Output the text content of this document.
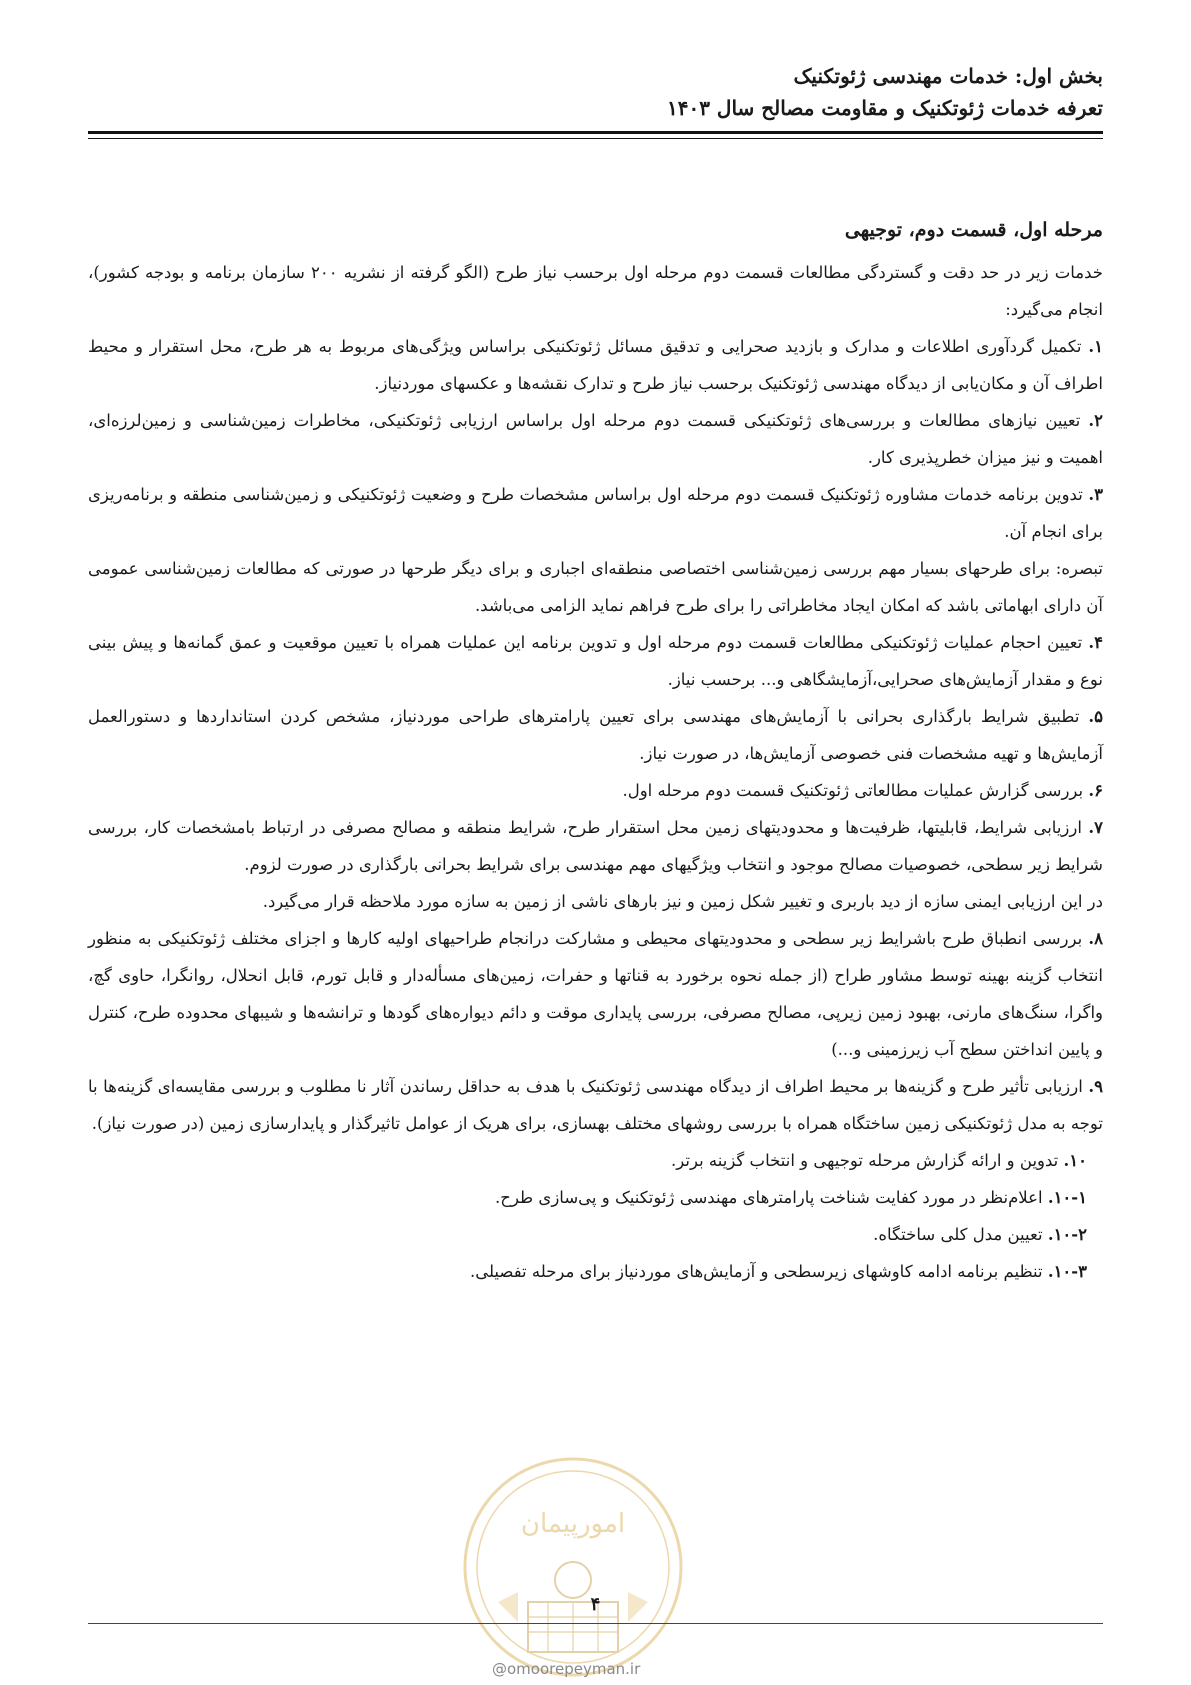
بخش اول: خدمات مهندسی ژئوتکنیک
تعرفه خدمات ژئوتکنیک و مقاومت مصالح سال ۱۴۰۳
مرحله اول، قسمت دوم، توجیهی

خدمات زیر در حد دقت و گستردگی مطالعات قسمت دوم مرحله اول برحسب نیاز طرح (الگو گرفته از نشریه ۲۰۰ سازمان برنامه و بودجه کشور)، انجام می‌گیرد:

۱. تکمیل گردآوری اطلاعات و مدارک و بازدید صحرایی و تدقیق مسائل ژئوتکنیکی براساس ویژگی‌های مربوط به هر طرح، محل استقرار و محیط اطراف آن و مکان‌یابی از دیدگاه مهندسی ژئوتکنیک برحسب نیاز طرح و تدارک نقشه‌ها و عکسهای موردنیاز.

۲. تعیین نیازهای مطالعات و بررسی‌های ژئوتکنیکی قسمت دوم مرحله اول براساس ارزیابی ژئوتکنیکی، مخاطرات زمین‌شناسی و زمین‌لرزه‌ای، اهمیت و نیز میزان خطرپذیری کار.

۳. تدوین برنامه خدمات مشاوره ژئوتکنیک قسمت دوم مرحله اول براساس مشخصات طرح و وضعیت ژئوتکنیکی و زمین‌شناسی منطقه و برنامه‌ریزی برای انجام آن.

تبصره: برای طرحهای بسیار مهم بررسی زمین‌شناسی اختصاصی منطقه‌ای اجباری و برای دیگر طرحها در صورتی که مطالعات زمین‌شناسی عمومی آن دارای ابهاماتی باشد که امکان ایجاد مخاطراتی را برای طرح فراهم نماید الزامی می‌باشد.

۴. تعیین احجام عملیات ژئوتکنیکی مطالعات قسمت دوم مرحله اول و تدوین برنامه این عملیات همراه با تعیین موقعیت و عمق گمانه‌ها و پیش بینی نوع و مقدار آزمایش‌های صحرایی،آزمایشگاهی و... برحسب نیاز.

۵. تطبیق شرایط بارگذاری بحرانی با آزمایش‌های مهندسی برای تعیین پارامترهای طراحی موردنیاز، مشخص کردن استانداردها و دستورالعمل آزمایش‌ها و تهیه مشخصات فنی خصوصی آزمایش‌ها، در صورت نیاز.

۶. بررسی گزارش عملیات مطالعاتی ژئوتکنیک قسمت دوم مرحله اول.

۷. ارزیابی شرایط، قابلیتها، ظرفیت‌ها و محدودیتهای زمین محل استقرار طرح، شرایط منطقه و مصالح مصرفی در ارتباط بامشخصات کار، بررسی شرایط زیر سطحی، خصوصیات مصالح موجود و انتخاب ویژگیهای مهم مهندسی برای شرایط بحرانی بارگذاری در صورت لزوم.

در این ارزیابی ایمنی سازه از دید باربری و تغییر شکل زمین و نیز بارهای ناشی از زمین به سازه مورد ملاحظه قرار می‌گیرد.

۸. بررسی انطباق طرح باشرایط زیر سطحی و محدودیتهای محیطی و مشارکت درانجام طراحیهای اولیه کارها و اجزای مختلف ژئوتکنیکی به منظور انتخاب گزینه بهینه توسط مشاور طراح (از جمله نحوه برخورد به قناتها و حفرات، زمین‌های مسأله‌دار و قابل تورم، قابل انحلال، روانگرا، حاوی گچ، واگرا، سنگ‌های مارنی، بهبود زمین زیرپی، مصالح مصرفی، بررسی پایداری موقت و دائم دیواره‌های گودها و ترانشه‌ها و شیبهای محدوده طرح، کنترل و پایین انداختن سطح آب زیرزمینی و...)

۹. ارزیابی تأثیر طرح و گزینه‌ها بر محیط اطراف از دیدگاه مهندسی ژئوتکنیک با هدف به حداقل رساندن آثار نا مطلوب و بررسی مقایسه‌ای گزینه‌ها با توجه به مدل ژئوتکنیکی زمین ساختگاه همراه با بررسی روشهای مختلف بهسازی، برای هریک از عوامل تاثیرگذار و پایدارسازی زمین (در صورت نیاز).

۱۰. تدوین و ارائه گزارش مرحله توجیهی و انتخاب گزینه برتر.

۱۰-۱. اعلام‌نظر در مورد کفایت شناخت پارامترهای مهندسی ژئوتکنیک و پی‌سازی طرح.

۱۰-۲. تعیین مدل کلی ساختگاه.

۱۰-۳. تنظیم برنامه ادامه کاوشهای زیرسطحی و آزمایش‌های موردنیاز برای مرحله تفصیلی.

امورپیمان
@omoorepeyman.ir
۴
